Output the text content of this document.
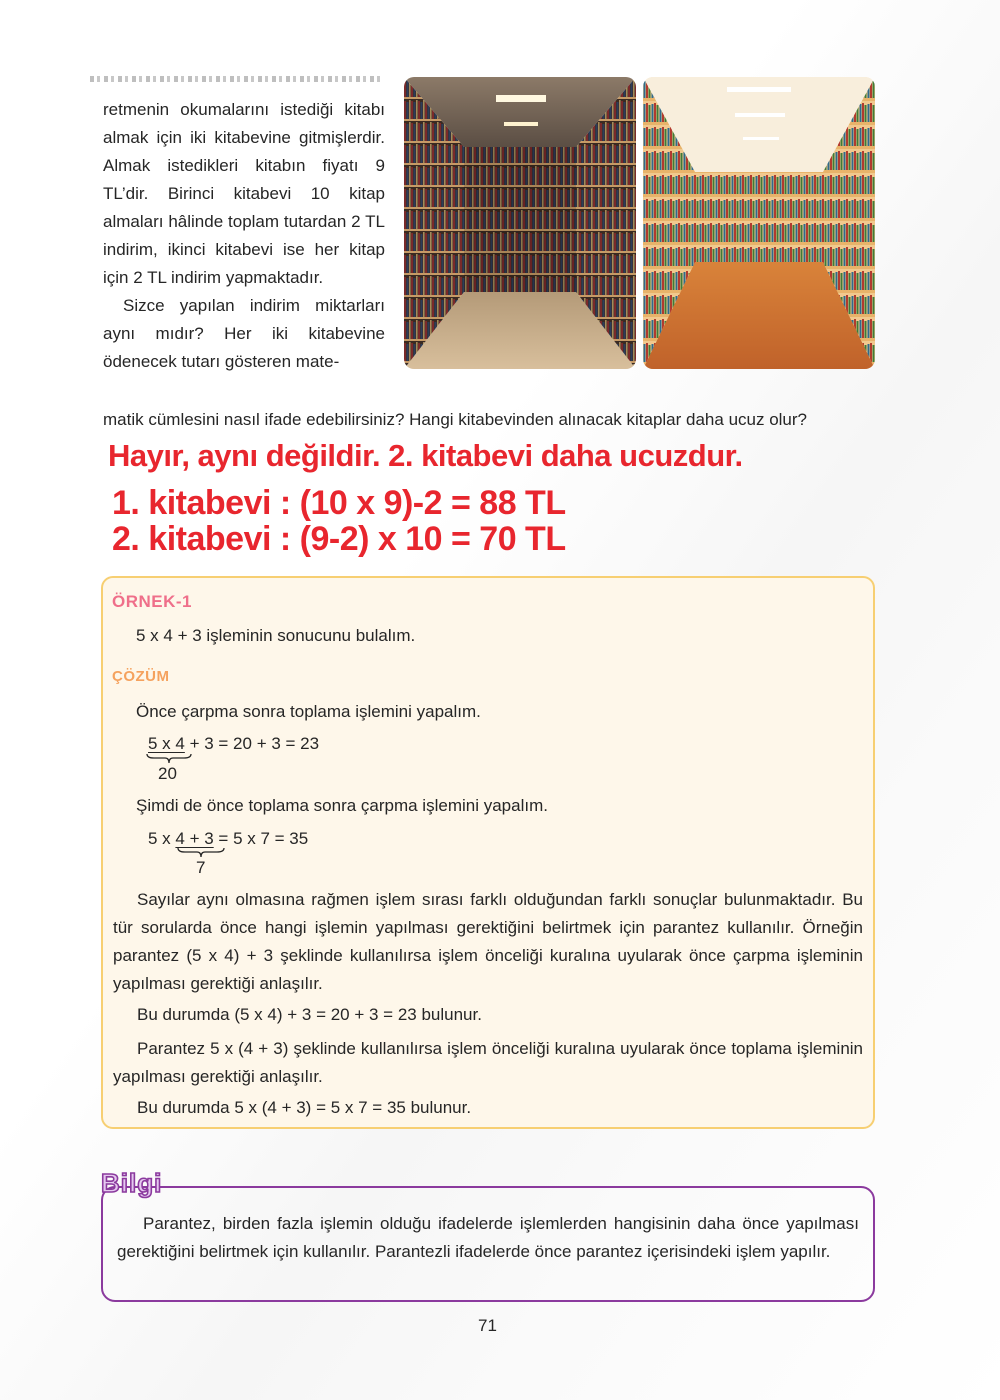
retmenin okumalarını istediği kitabı almak için iki kitabevine gitmişlerdir. Almak istedikleri kitabın fiyatı 9 TL’dir. Birinci kitabevi 10 kitap almaları hâlinde toplam tutardan 2 TL indirim, ikinci kitabevi ise her kitap için 2 TL indirim yapmaktadır.

Sizce yapılan indirim miktarları aynı mıdır? Her iki kitabevine ödenecek tutarı gösteren mate-

matik cümlesini nasıl ifade edebilirsiniz? Hangi kitabevinden alınacak kitaplar daha ucuz olur?
Hayır, aynı değildir. 2. kitabevi daha ucuzdur.
1. kitabevi : (10 x 9)-2 = 88 TL
2. kitabevi : (9-2) x 10 = 70 TL
ÖRNEK-1
5 x 4 + 3 işleminin sonucunu bulalım.
ÇÖZÜM
Önce çarpma sonra toplama işlemini yapalım.
5 x 4 + 3 = 20 + 3 = 23
20
Şimdi de önce toplama sonra çarpma işlemini yapalım.
5 x 4 + 3 = 5 x 7 = 35
7
Sayılar aynı olmasına rağmen işlem sırası farklı olduğundan farklı sonuçlar bulunmaktadır. Bu tür sorularda önce hangi işlemin yapılması gerektiğini belirtmek için parantez kullanılır. Örneğin parantez (5 x 4) + 3 şeklinde kullanılırsa işlem önceliği kuralına uyularak önce çarpma işleminin yapılması gerektiği anlaşılır.
Bu durumda (5 x 4) + 3 = 20 + 3 = 23 bulunur.
Parantez 5 x (4 + 3) şeklinde kullanılırsa işlem önceliği kuralına uyularak önce toplama işleminin yapılması gerektiği anlaşılır.
Bu durumda 5 x (4 + 3) = 5 x 7 = 35 bulunur.
Bilgi
Parantez, birden fazla işlemin olduğu ifadelerde işlemlerden hangisinin daha önce yapılması gerektiğini belirtmek için kullanılır. Parantezli ifadelerde önce parantez içerisindeki işlem yapılır.
71
